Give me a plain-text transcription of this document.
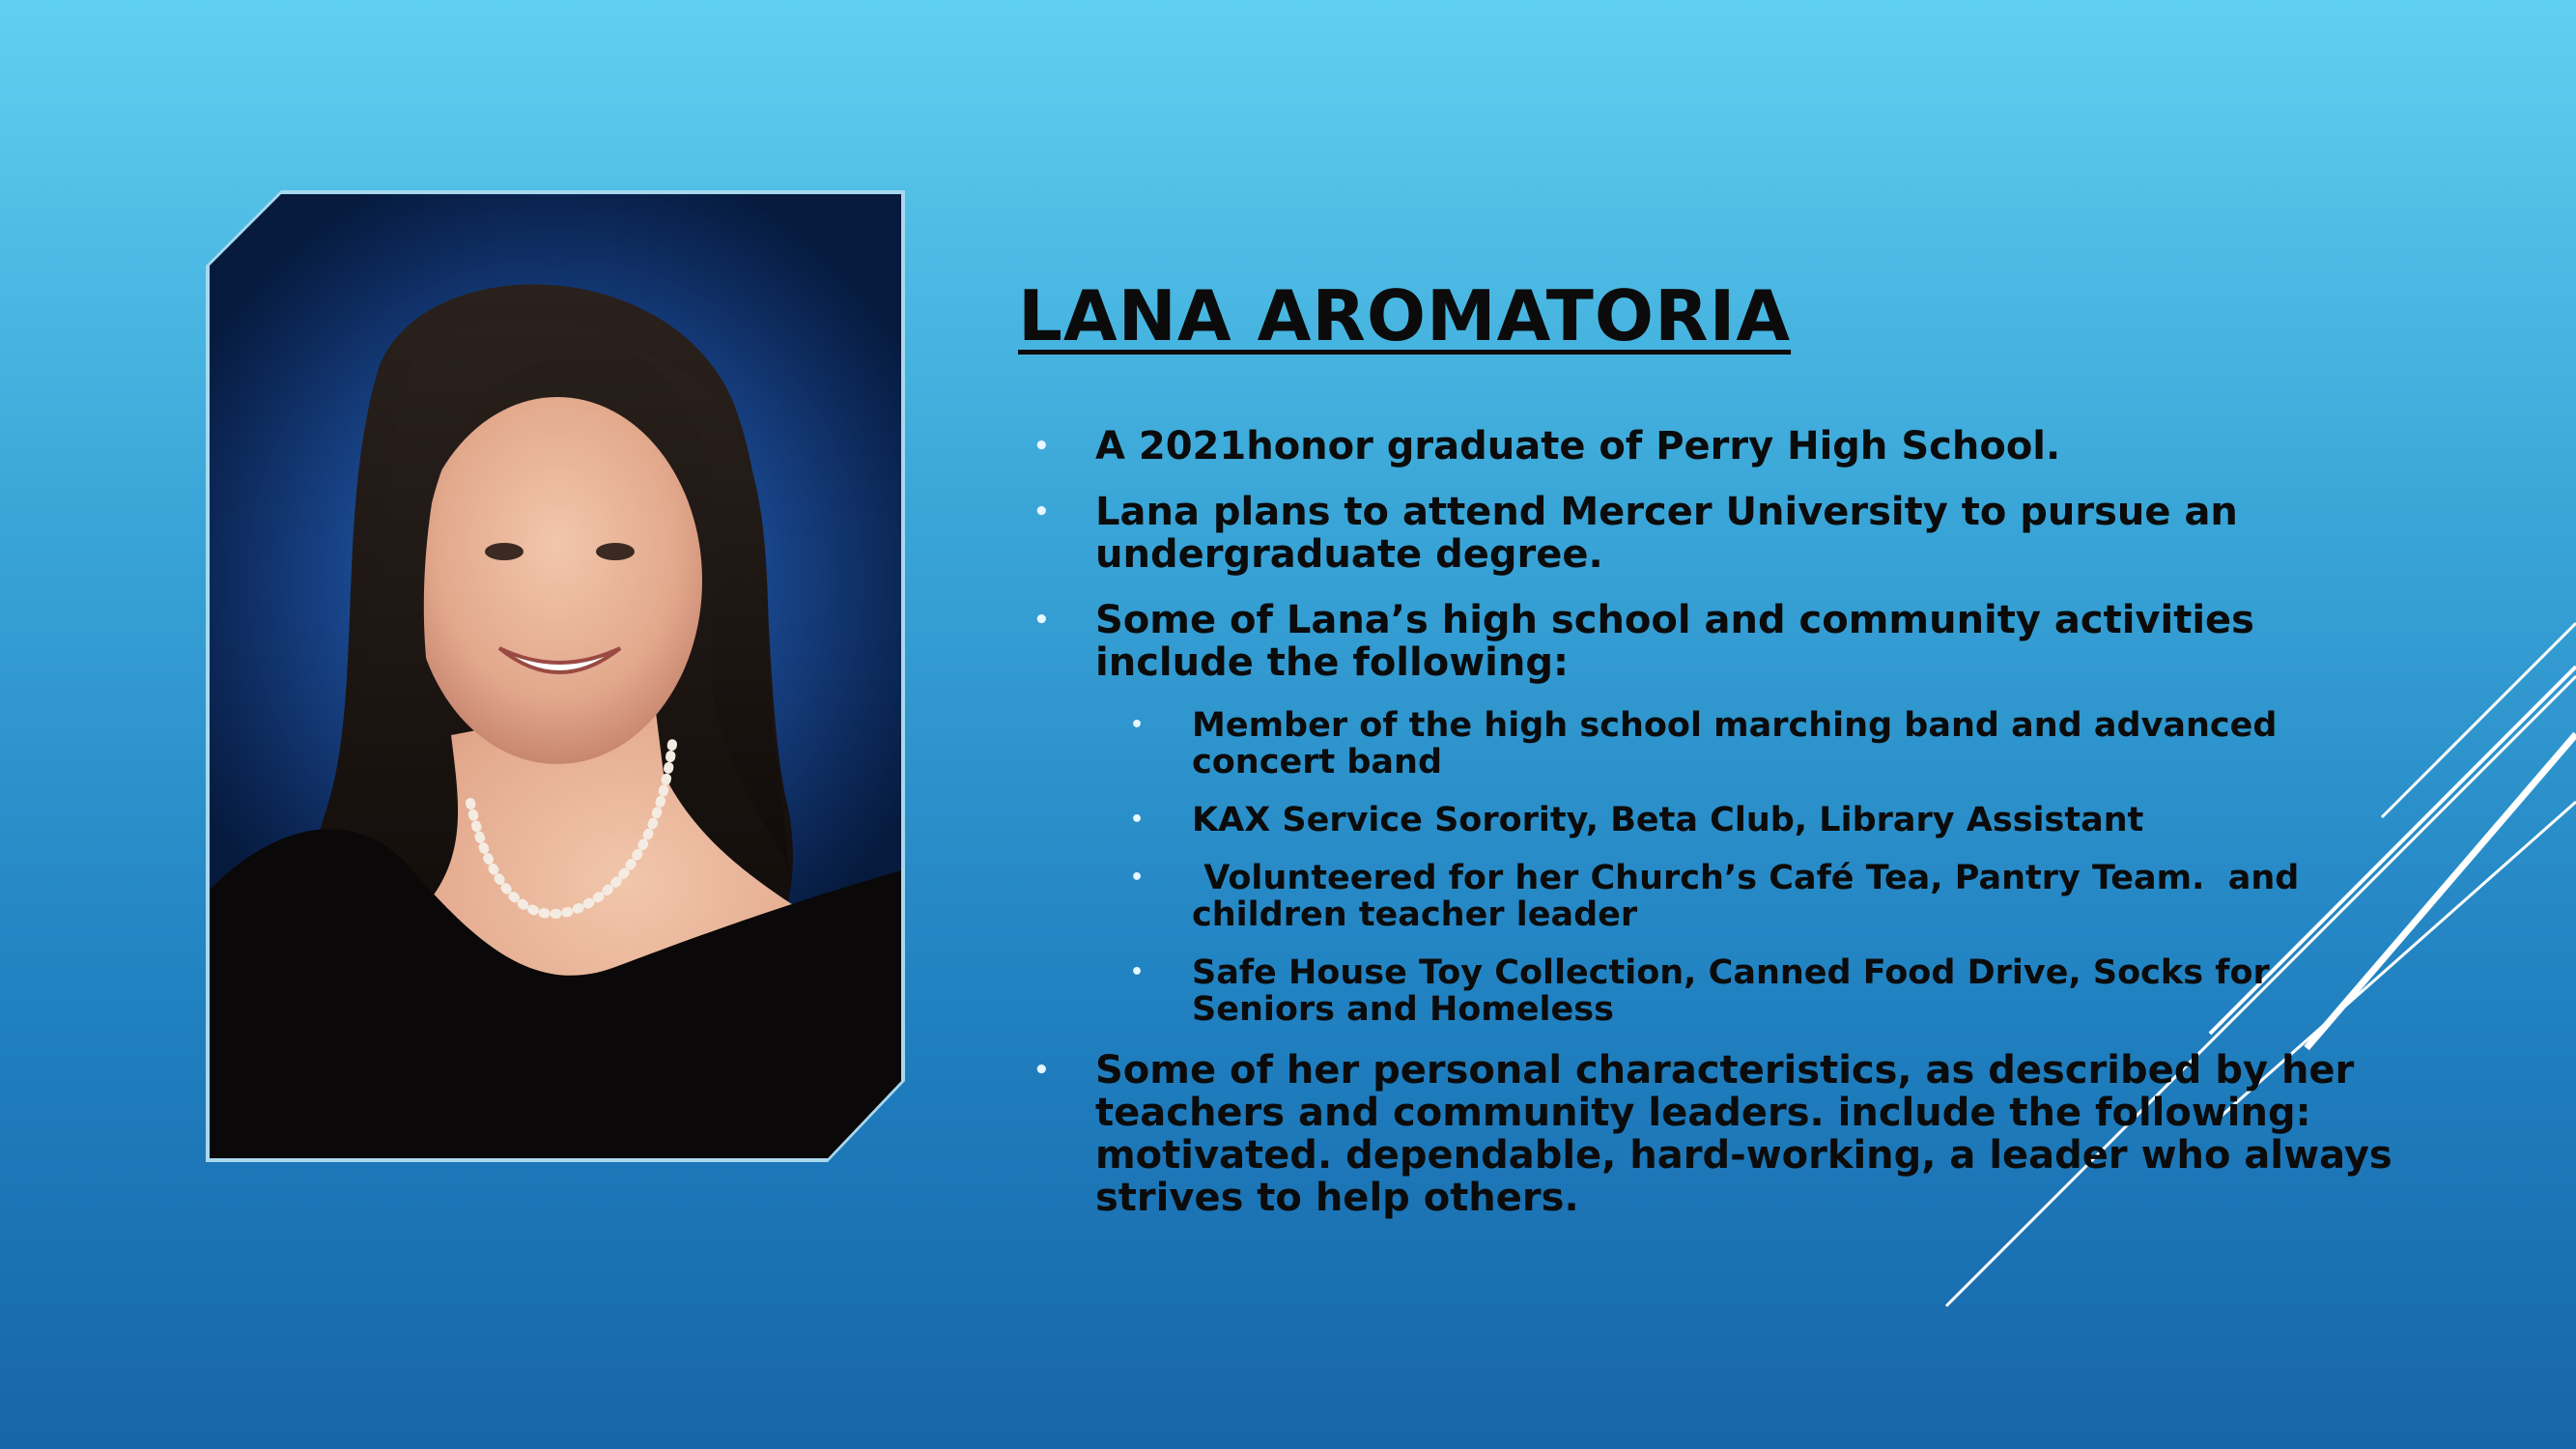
LANA AROMATORIA
• A 2021honor graduate of Perry High School.
• Lana plans to attend Mercer University to pursue an undergraduate degree.
• Some of Lana’s high school and community activities include the following:
• Member of the high school marching band and advanced concert band
• KAX Service Sorority, Beta Club, Library Assistant
• Volunteered for her Church’s Café Tea, Pantry Team.  and children teacher leader
• Safe House Toy Collection, Canned Food Drive, Socks for Seniors and Homeless
• Some of her personal characteristics, as described by her teachers and community leaders. include the following: motivated. dependable, hard-working, a leader who always strives to help others.
